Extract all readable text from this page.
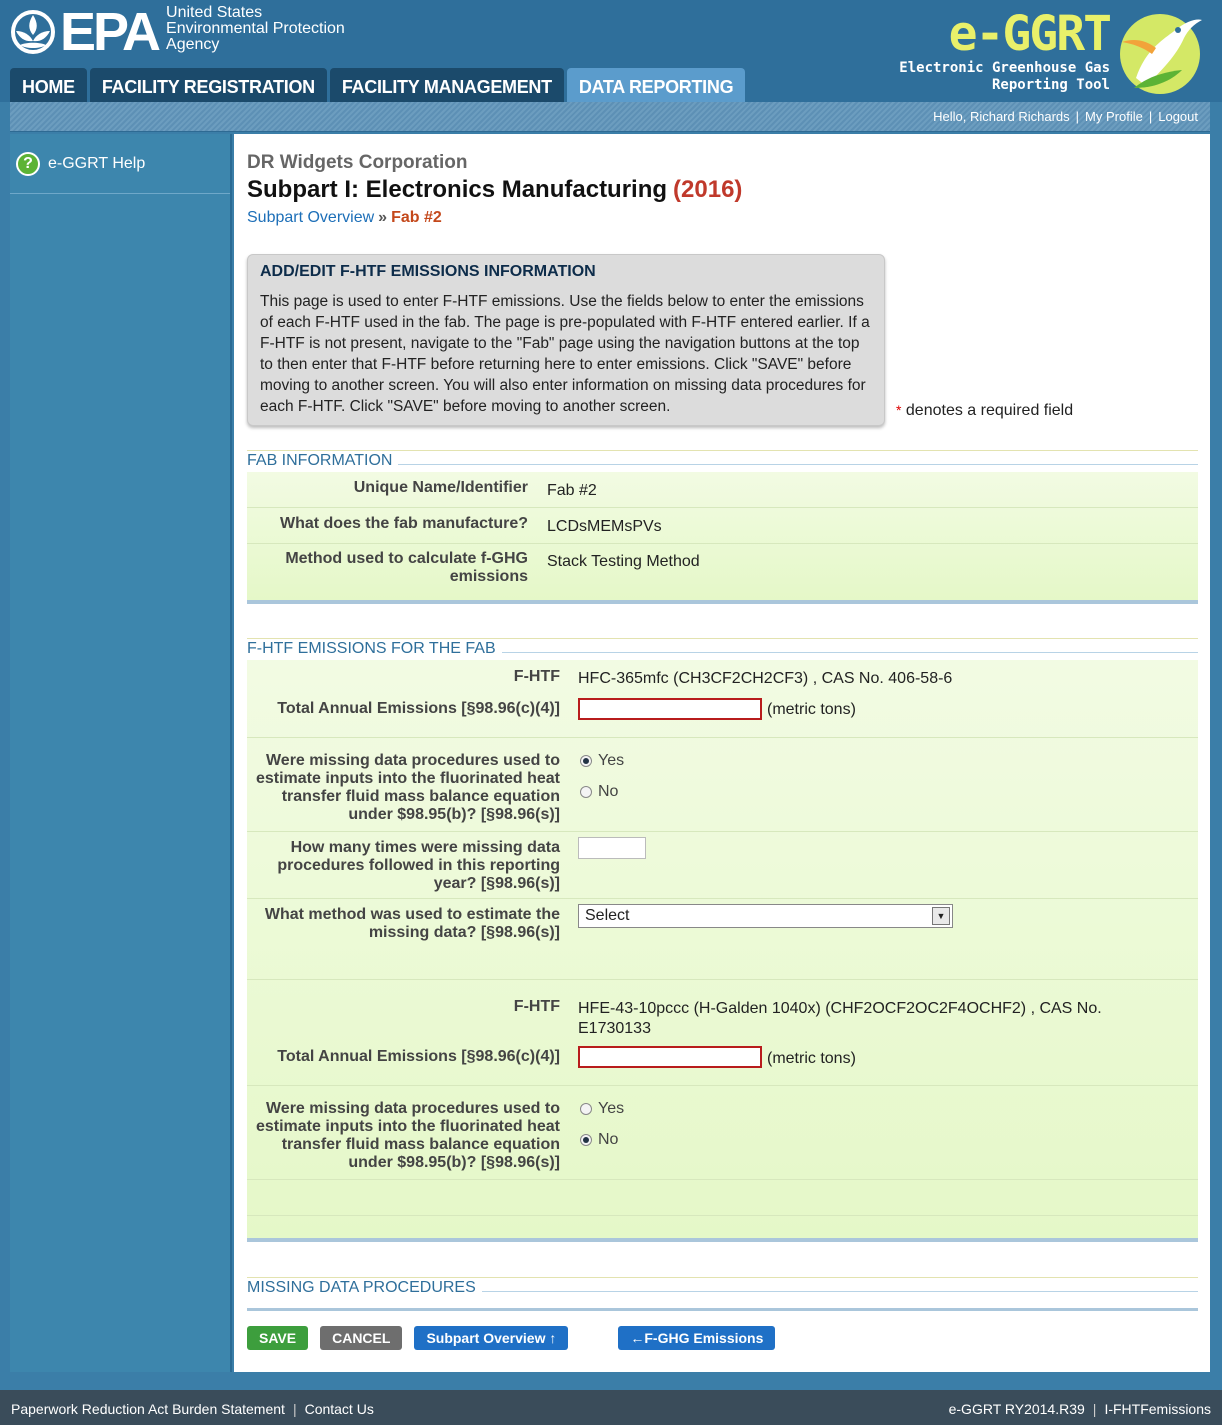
EPA United States
Environmental Protection
Agency	e-GGRT
Electronic Greenhouse Gas
Reporting Tool
HOME	FACILITY REGISTRATION	FACILITY MANAGEMENT	DATA REPORTING
Hello, Richard Richards | My Profile | Logout
? e-GGRT Help	DR Widgets Corporation
Subpart I: Electronics Manufacturing (2016)
Subpart Overview » Fab #2
ADD/EDIT F-HTF EMISSIONS INFORMATION
This page is used to enter F-HTF emissions. Use the fields below to enter the emissions of each F-HTF used in the fab. The page is pre-populated with F-HTF entered earlier. If a F-HTF is not present, navigate to the "Fab" page using the navigation buttons at the top to then enter that F-HTF before returning here to enter emissions. Click "SAVE" before moving to another screen. You will also enter information on missing data procedures for each F-HTF. Click "SAVE" before moving to another screen.	* denotes a required field
FAB INFORMATION
Unique Name/Identifier Fab #2
What does the fab manufacture? LCDsMEMsPVs
Method used to calculate f-GHG emissions
Stack Testing Method
F-HTF EMISSIONS FOR THE FAB
F-HTF HFC-365mfc (CH3CF2CH2CF3) , CAS No. 406-58-6
Total Annual Emissions [§98.96(c)(4)]	(metric tons)
Were missing data procedures used to estimate inputs into the fluorinated heat transfer fluid mass balance equation under $98.95(b)? [§98.96(s)]
Yes
No
How many times were missing data procedures followed in this reporting year? [§98.96(s)]
What method was used to estimate the missing data? [§98.96(s)]
Select	▼
F-HTF HFE-43-10pccc (H-Galden 1040x) (CHF2OCF2OC2F4OCHF2) , CAS No. E1730133
Total Annual Emissions [§98.96(c)(4)]	(metric tons)
Were missing data procedures used to estimate inputs into the fluorinated heat transfer fluid mass balance equation under $98.95(b)? [§98.96(s)]
Yes
No
MISSING DATA PROCEDURES
SAVE	CANCEL	Subpart Overview ↑	←F-GHG Emissions
Paperwork Reduction Act Burden Statement | Contact Us	e-GGRT RY2014.R39 | I-FHTFemissions
